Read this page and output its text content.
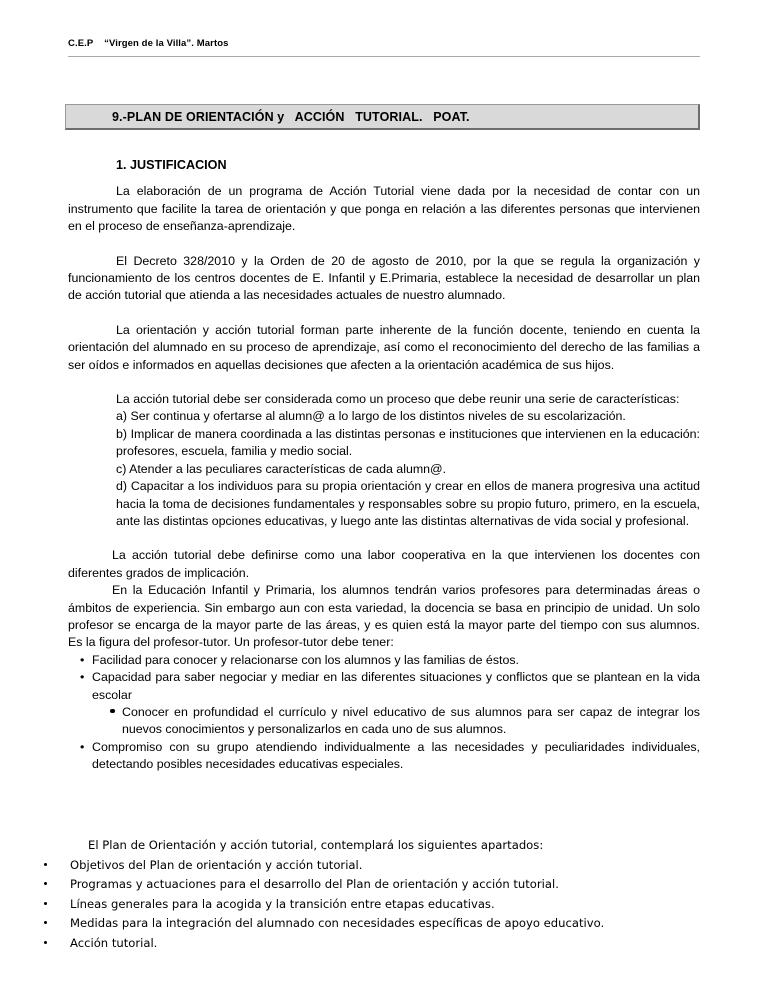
C.E.P    “Virgen de la Villa”. Martos
9.-PLAN DE ORIENTACIÓN y   ACCIÓN   TUTORIAL.   POAT.
1. JUSTIFICACION

La elaboración de un programa de Acción Tutorial viene dada por la necesidad de contar con un instrumento que facilite la tarea de orientación y que ponga en relación a las diferentes personas que intervienen en el proceso de enseñanza-aprendizaje.

El Decreto 328/2010 y la Orden de 20 de agosto de 2010, por la que se regula la organización y funcionamiento de los centros docentes de E. Infantil y E.Primaria, establece la necesidad de desarrollar un plan de acción tutorial que atienda a las necesidades actuales de nuestro alumnado.

La orientación y acción tutorial forman parte inherente de la función docente, teniendo en cuenta la orientación del alumnado en su proceso de aprendizaje, así como el reconocimiento del derecho de las familias a ser oídos e informados en aquellas decisiones que afecten a la orientación académica de sus hijos.

La acción tutorial debe ser considerada como un proceso que debe reunir una serie de características:

a) Ser continua y ofertarse al alumn@ a lo largo de los distintos niveles de su escolarización.
b) Implicar de manera coordinada a las distintas personas e instituciones que intervienen en la educación: profesores, escuela, familia y medio social.
c) Atender a las peculiares características de cada alumn@.
d) Capacitar a los individuos para su propia orientación y crear en ellos de manera progresiva una actitud hacia la toma de decisiones fundamentales y responsables sobre su propio futuro, primero, en la escuela, ante las distintas opciones educativas, y luego ante las distintas alternativas de vida social y profesional.

La acción tutorial debe definirse como una labor cooperativa en la que intervienen los docentes con diferentes grados de implicación.

En la Educación Infantil y Primaria, los alumnos tendrán varios profesores para determinadas áreas o ámbitos de experiencia. Sin embargo aun con esta variedad, la docencia se basa en principio de unidad. Un solo profesor se encarga de la mayor parte de las áreas, y es quien está la mayor parte del tiempo con sus alumnos. Es la figura del profesor-tutor. Un profesor-tutor debe tener:

• Facilidad para conocer y relacionarse con los alumnos y las familias de éstos.
• Capacidad para saber negociar y mediar en las diferentes situaciones y conflictos que se plantean en la vida escolar
Conocer en profundidad el currículo y nivel educativo de sus alumnos para ser capaz de integrar los nuevos conocimientos y personalizarlos en cada uno de sus alumnos.
• Compromiso con su grupo atendiendo individualmente a las necesidades y peculiaridades individuales, detectando posibles necesidades educativas especiales.

El Plan de Orientación y acción tutorial, contemplará los siguientes apartados:

Objetivos del Plan de orientación y acción tutorial.
Programas y actuaciones para el desarrollo del Plan de orientación y acción tutorial.
Líneas generales para la acogida y la transición entre etapas educativas.
Medidas para la integración del alumnado con necesidades específicas de apoyo educativo.
Acción tutorial.
